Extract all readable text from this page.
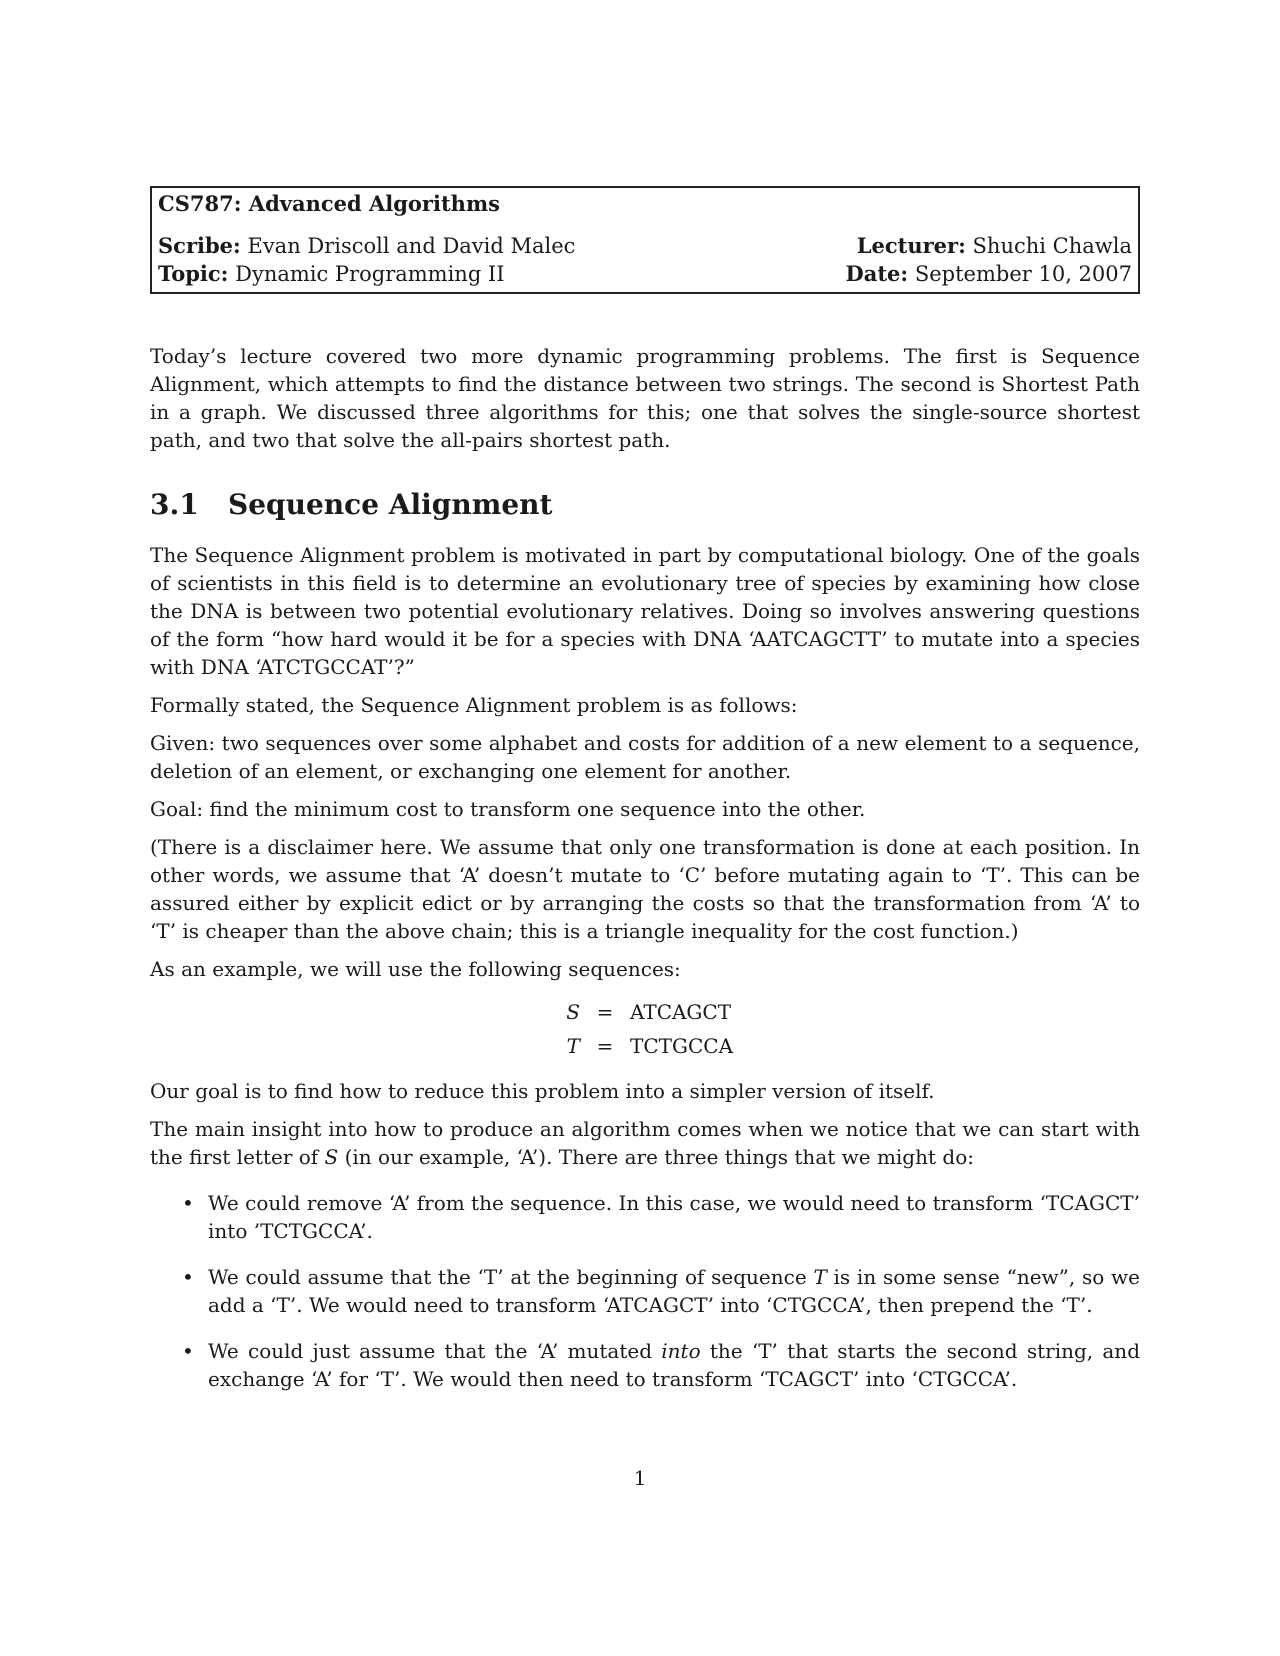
CS787: Advanced Algorithms
Scribe: Evan Driscoll and David Malec	Lecturer: Shuchi Chawla
Topic: Dynamic Programming II	Date: September 10, 2007

Today’s lecture covered two more dynamic programming problems. The first is Sequence Alignment, which attempts to find the distance between two strings. The second is Shortest Path in a graph. We discussed three algorithms for this; one that solves the single-source shortest path, and two that solve the all-pairs shortest path.

3.1	Sequence Alignment

The Sequence Alignment problem is motivated in part by computational biology. One of the goals of scientists in this field is to determine an evolutionary tree of species by examining how close the DNA is between two potential evolutionary relatives. Doing so involves answering questions of the form “how hard would it be for a species with DNA ‘AATCAGCTT’ to mutate into a species with DNA ‘ATCTGCCAT’?”

Formally stated, the Sequence Alignment problem is as follows:

Given: two sequences over some alphabet and costs for addition of a new element to a sequence, deletion of an element, or exchanging one element for another.

Goal: find the minimum cost to transform one sequence into the other.

(There is a disclaimer here. We assume that only one transformation is done at each position. In other words, we assume that ‘A’ doesn’t mutate to ‘C’ before mutating again to ‘T’. This can be assured either by explicit edict or by arranging the costs so that the transformation from ‘A’ to ‘T’ is cheaper than the above chain; this is a triangle inequality for the cost function.)

As an example, we will use the following sequences:

S = ATCAGCT
T = TCTGCCA

Our goal is to find how to reduce this problem into a simpler version of itself.

The main insight into how to produce an algorithm comes when we notice that we can start with the first letter of S (in our example, ‘A’). There are three things that we might do:

• We could remove ‘A’ from the sequence. In this case, we would need to transform ‘TCAGCT’ into ’TCTGCCA’.
• We could assume that the ‘T’ at the beginning of sequence T is in some sense “new”, so we add a ‘T’. We would need to transform ‘ATCAGCT’ into ‘CTGCCA’, then prepend the ‘T’.
• We could just assume that the ‘A’ mutated into the ‘T’ that starts the second string, and exchange ‘A’ for ‘T’. We would then need to transform ‘TCAGCT’ into ‘CTGCCA’.
1
